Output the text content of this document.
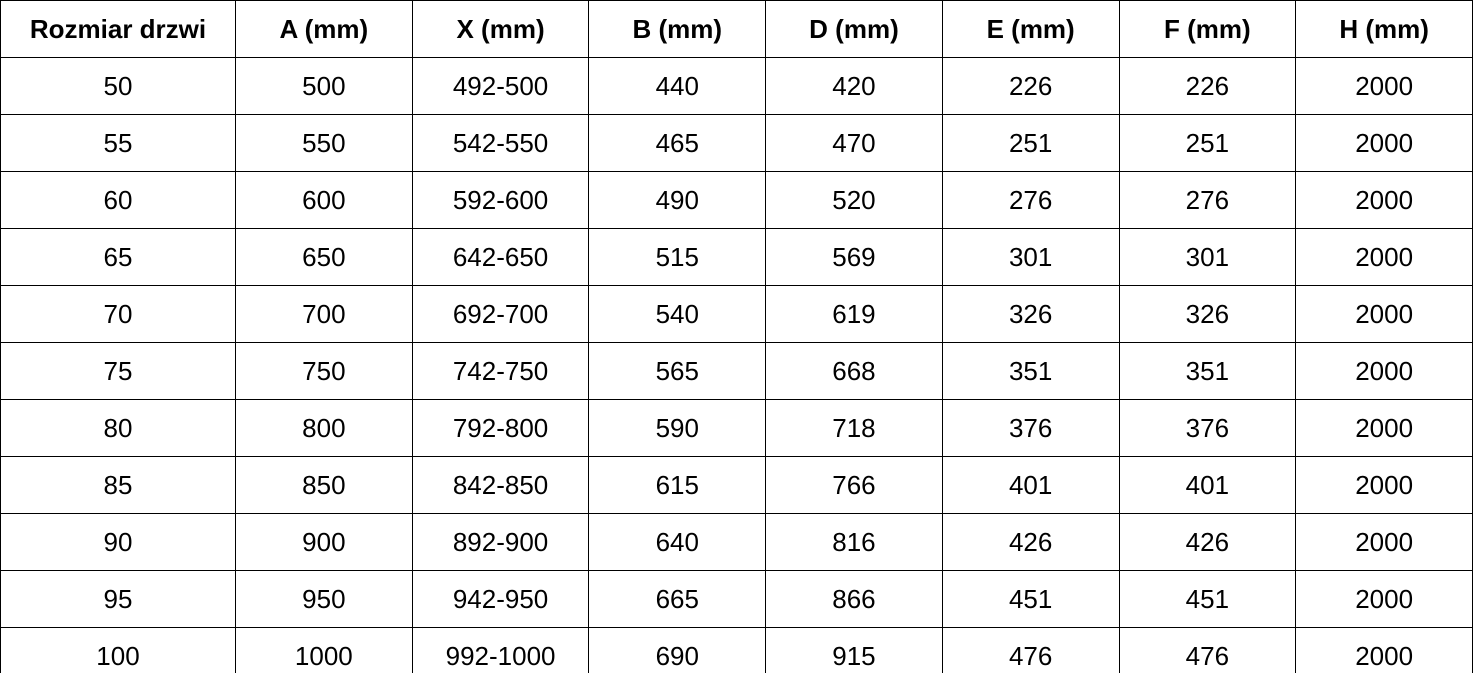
Rozmiar drzwi	A (mm)	X (mm)	B (mm)	D (mm)	E (mm)	F (mm)	H (mm)
50	500	492-500	440	420	226	226	2000
55	550	542-550	465	470	251	251	2000
60	600	592-600	490	520	276	276	2000
65	650	642-650	515	569	301	301	2000
70	700	692-700	540	619	326	326	2000
75	750	742-750	565	668	351	351	2000
80	800	792-800	590	718	376	376	2000
85	850	842-850	615	766	401	401	2000
90	900	892-900	640	816	426	426	2000
95	950	942-950	665	866	451	451	2000
100	1000	992-1000	690	915	476	476	2000
